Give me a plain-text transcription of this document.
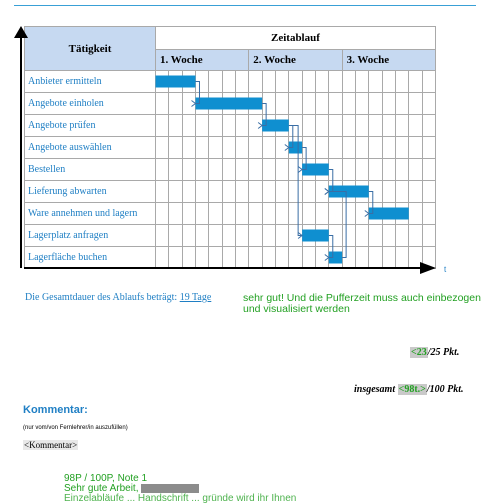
Tätigkeit	Zeitablauf																				
	1. Woche							2. Woche							3. Woche						
Anbieter ermitteln																					
Angebote einholen																					
Angebote prüfen																					
Angebote auswählen																					
Bestellen																					
Lieferung abwarten																					
Ware annehmen und lagern																					
Lagerplatz anfragen																					
Lagerfläche buchen																					
t
Die Gesamtdauer des Ablaufs beträgt: 19 Tage	sehr gut! Und die Pufferzeit muss auch einbezogen und visualisiert werden
<23/25 Pkt.
insgesamt <98t.>/100 Pkt.
Kommentar:
(nur vom/von Fernlehrer/in auszufüllen)
<Kommentar>
98P / 100P, Note 1
Sehr gute Arbeit,
Einzelabläufe ... Handschrift ... gründe wird ihr Ihnen
